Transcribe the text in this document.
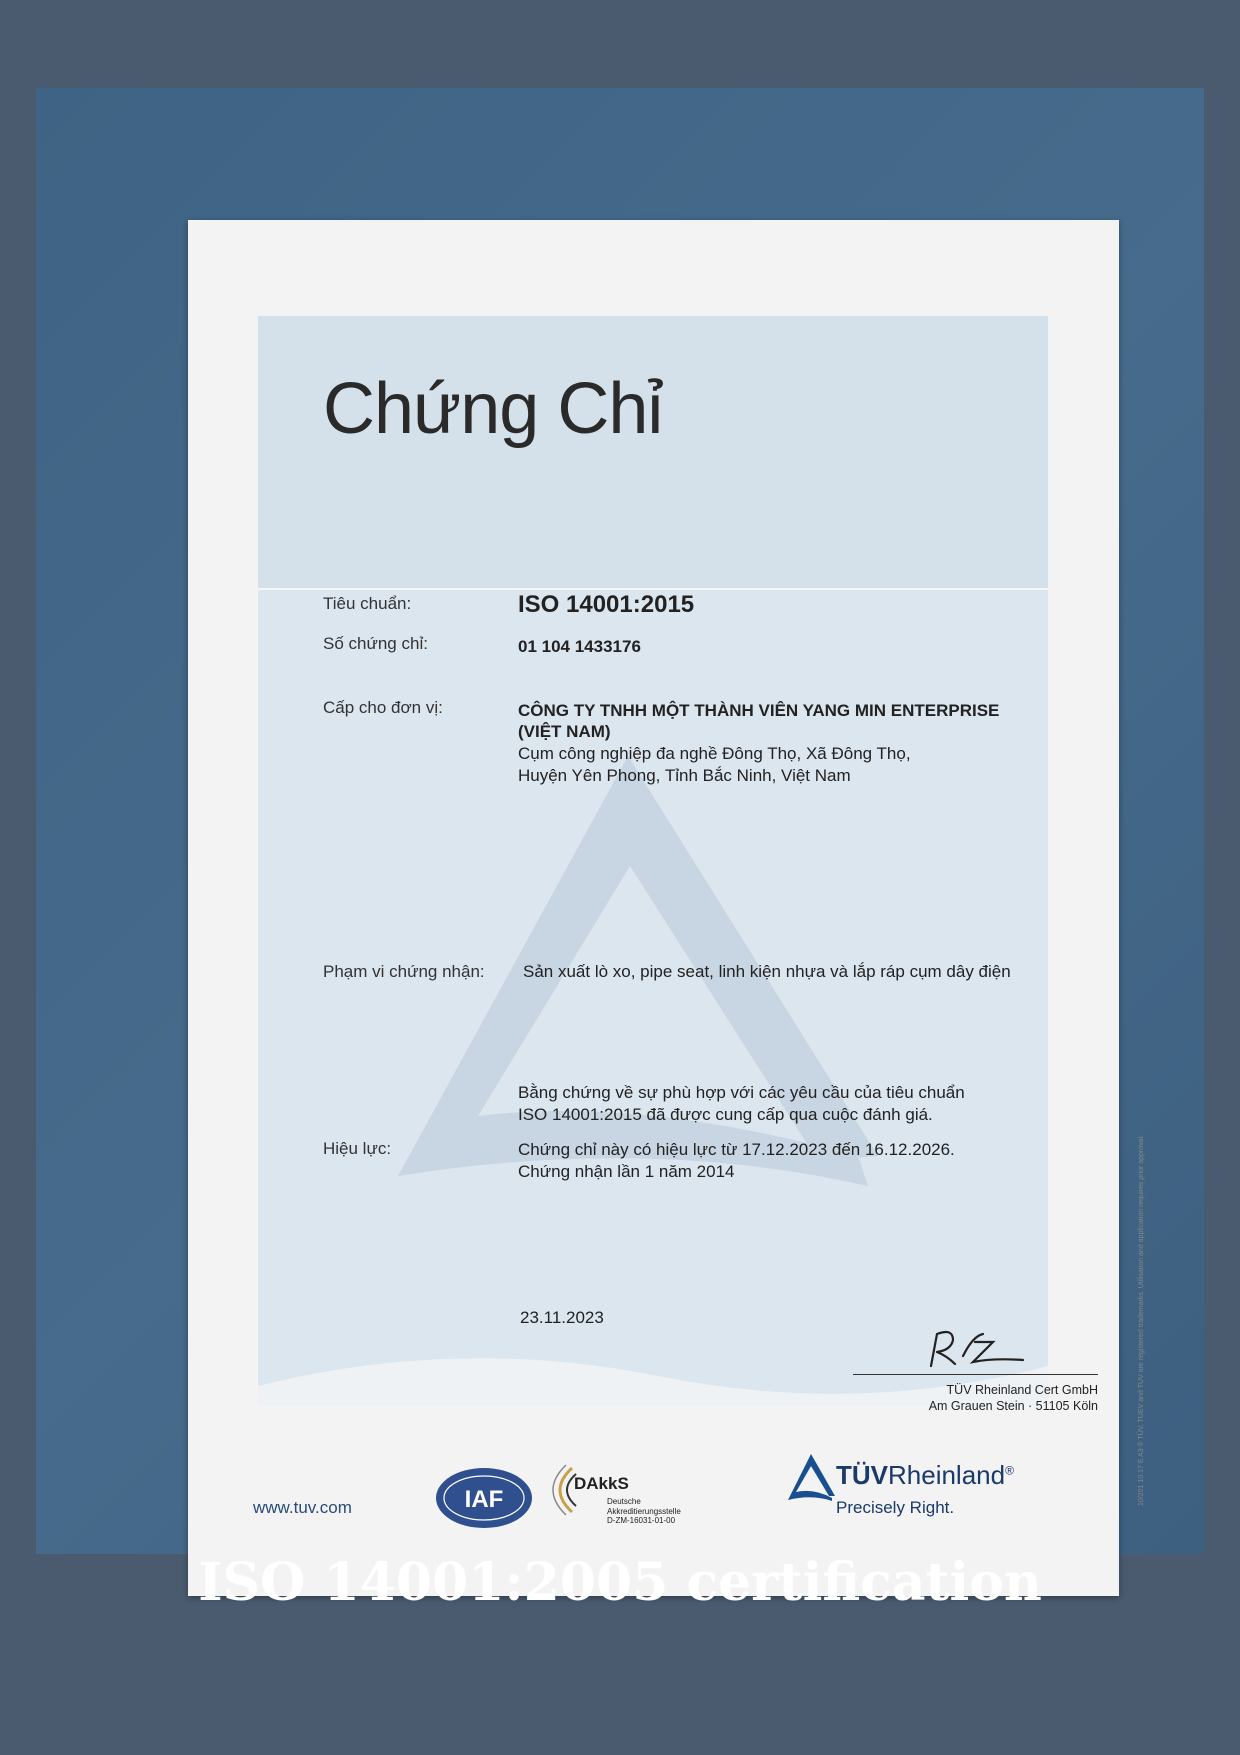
Chứng Chỉ
Tiêu chuẩn:	ISO 14001:2015
Số chứng chỉ:	01 104 1433176
Cấp cho đơn vị:	CÔNG TY TNHH MỘT THÀNH VIÊN YANG MIN ENTERPRISE (VIỆT NAM)
Cụm công nghiệp đa nghề Đông Thọ, Xã Đông Thọ,
Huyện Yên Phong, Tỉnh Bắc Ninh, Việt Nam
Phạm vi chứng nhận: Sản xuất lò xo, pipe seat, linh kiện nhựa và lắp ráp cụm dây điện
Bằng chứng về sự phù hợp với các yêu cầu của tiêu chuẩn ISO 14001:2015 đã được cung cấp qua cuộc đánh giá.
Hiệu lực:	Chứng chỉ này có hiệu lực từ 17.12.2023 đến 16.12.2026.
Chứng nhận lần 1 năm 2014
23.11.2023
TÜV Rheinland Cert GmbH
Am Grauen Stein · 51105 Köln	10/201 10.17 E A3 ® TÜV, TUEV and TUV are registered trademarks. Utilisation and application requires prior approval.
www.tuv.com	IAF
DAkkS
Deutsche
Akkreditierungsstelle
D-ZM-16031-01-00
TÜVRheinland®
Precisely Right.
ISO 14001:2005 certification
